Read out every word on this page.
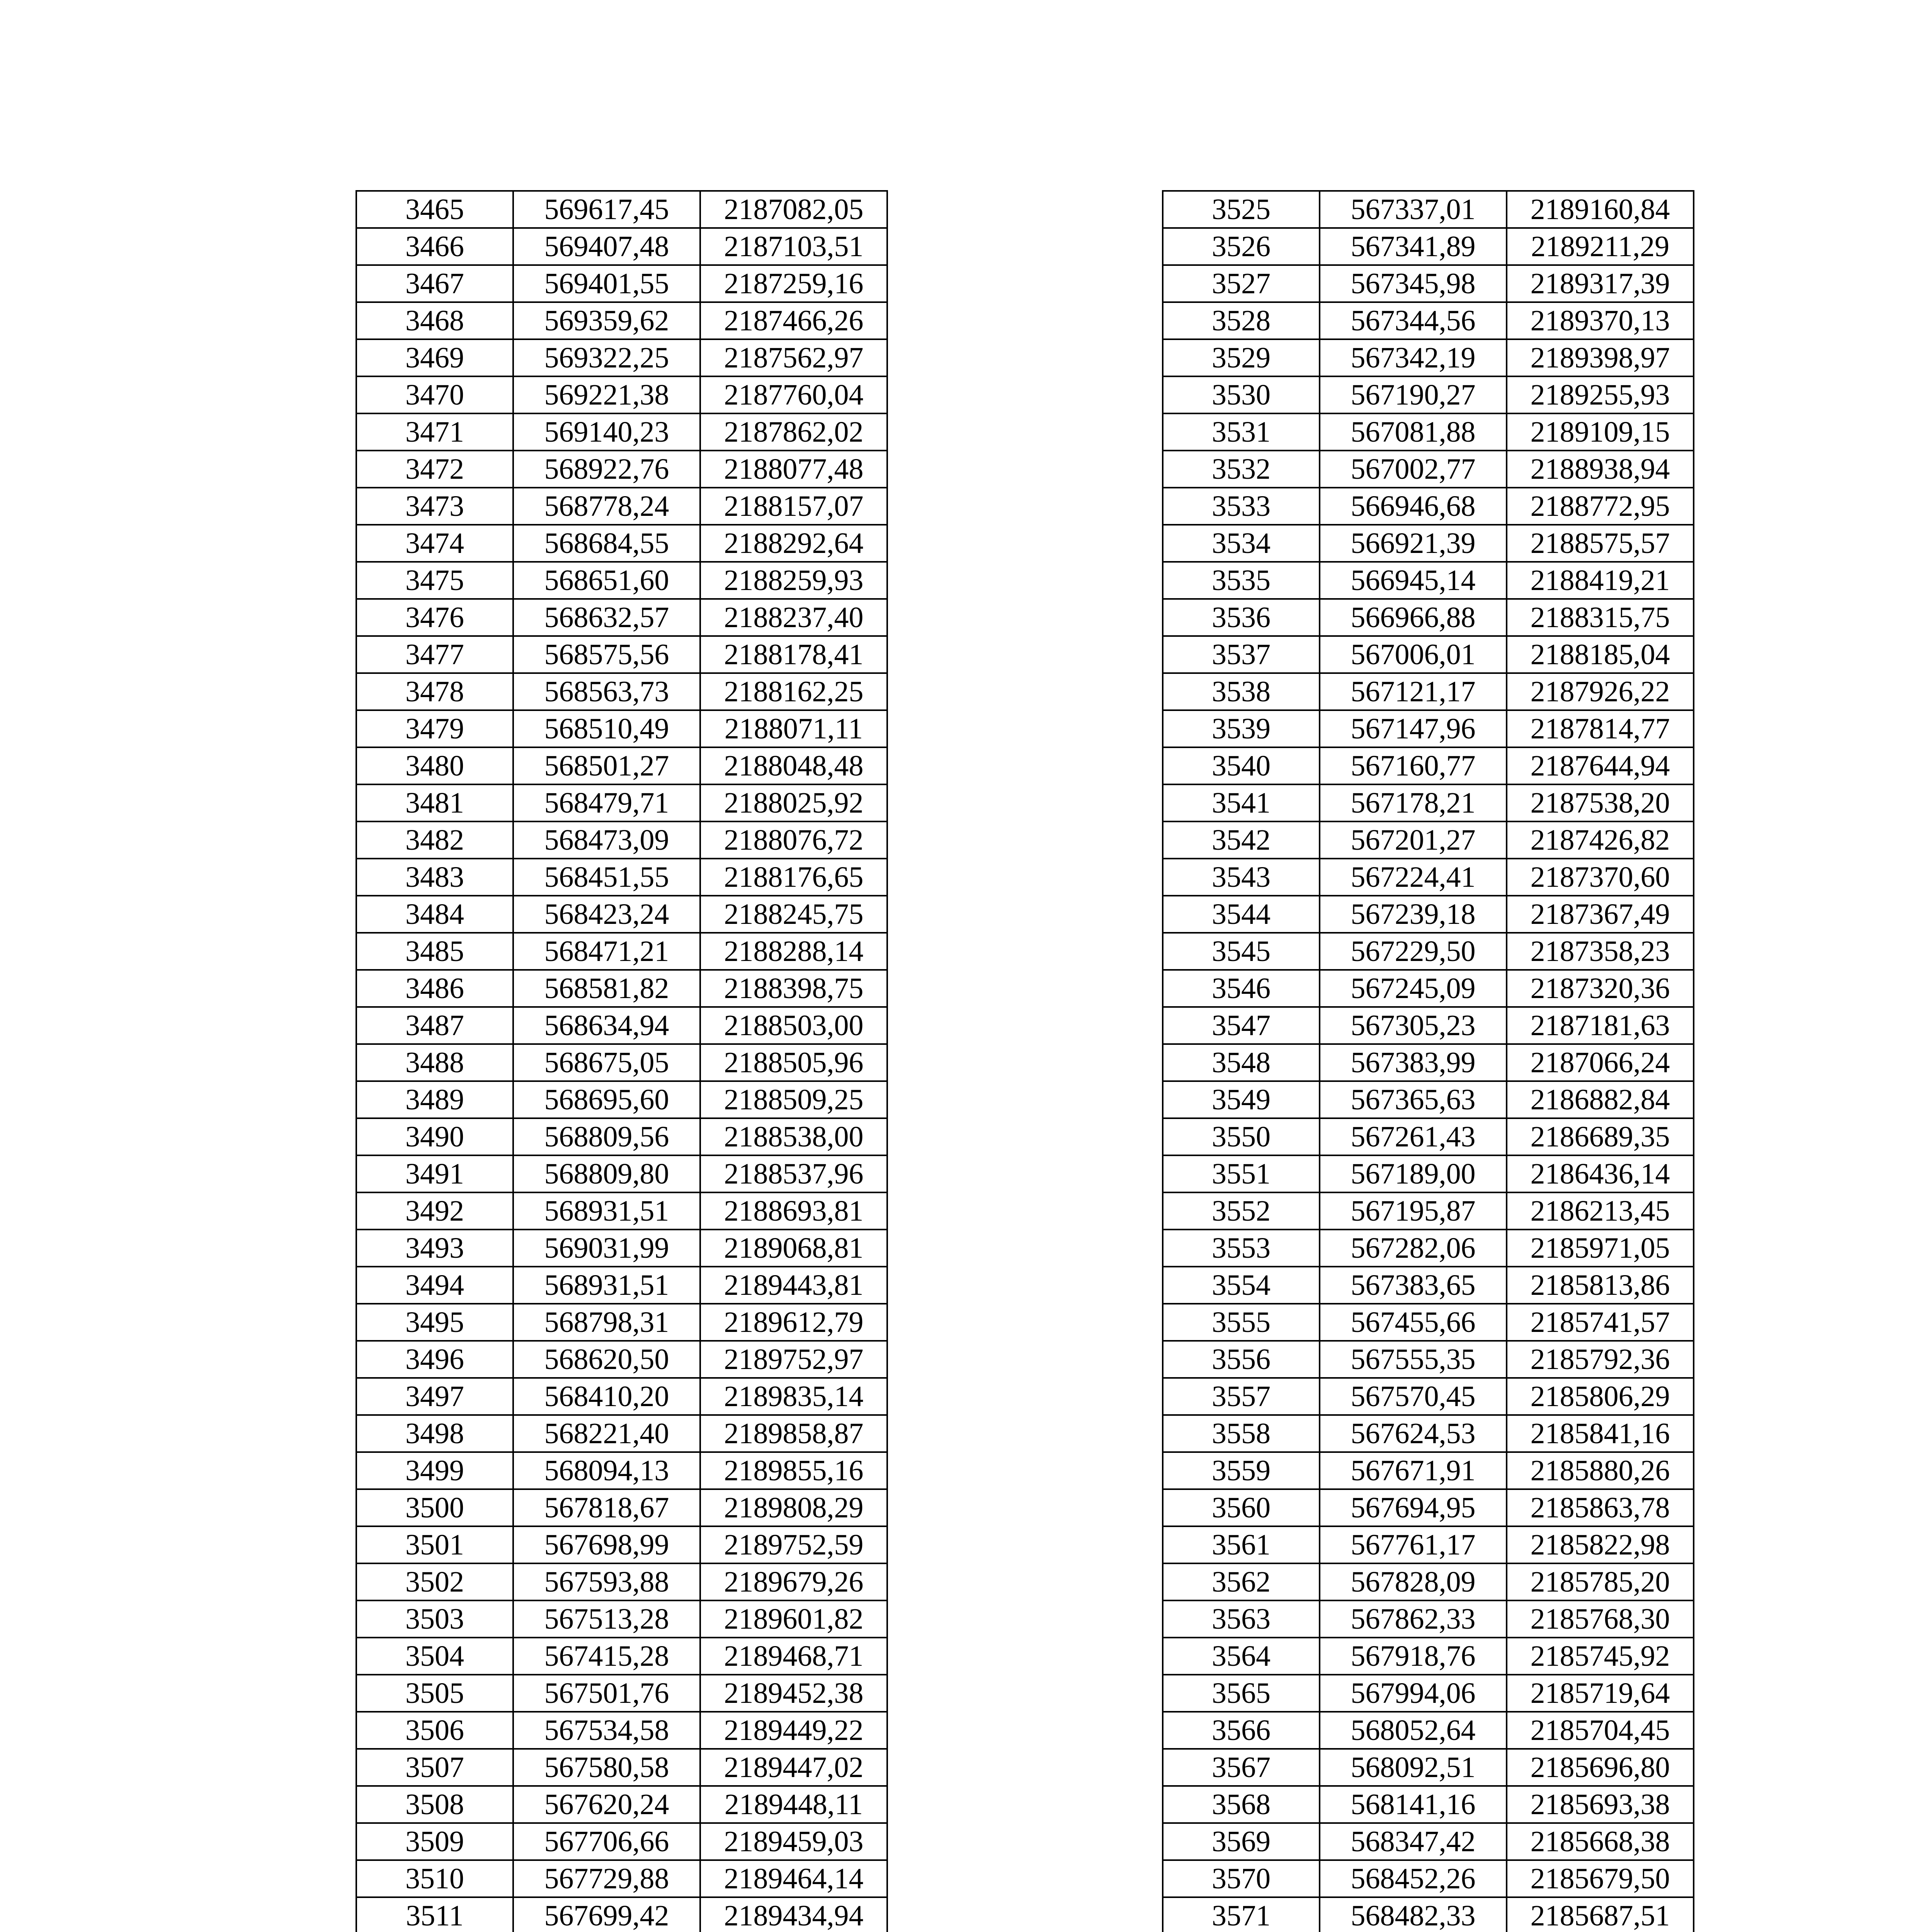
3465	569617,45	2187082,05
3466	569407,48	2187103,51
3467	569401,55	2187259,16
3468	569359,62	2187466,26
3469	569322,25	2187562,97
3470	569221,38	2187760,04
3471	569140,23	2187862,02
3472	568922,76	2188077,48
3473	568778,24	2188157,07
3474	568684,55	2188292,64
3475	568651,60	2188259,93
3476	568632,57	2188237,40
3477	568575,56	2188178,41
3478	568563,73	2188162,25
3479	568510,49	2188071,11
3480	568501,27	2188048,48
3481	568479,71	2188025,92
3482	568473,09	2188076,72
3483	568451,55	2188176,65
3484	568423,24	2188245,75
3485	568471,21	2188288,14
3486	568581,82	2188398,75
3487	568634,94	2188503,00
3488	568675,05	2188505,96
3489	568695,60	2188509,25
3490	568809,56	2188538,00
3491	568809,80	2188537,96
3492	568931,51	2188693,81
3493	569031,99	2189068,81
3494	568931,51	2189443,81
3495	568798,31	2189612,79
3496	568620,50	2189752,97
3497	568410,20	2189835,14
3498	568221,40	2189858,87
3499	568094,13	2189855,16
3500	567818,67	2189808,29
3501	567698,99	2189752,59
3502	567593,88	2189679,26
3503	567513,28	2189601,82
3504	567415,28	2189468,71
3505	567501,76	2189452,38
3506	567534,58	2189449,22
3507	567580,58	2189447,02
3508	567620,24	2189448,11
3509	567706,66	2189459,03
3510	567729,88	2189464,14
3511	567699,42	2189434,94

3525	567337,01	2189160,84
3526	567341,89	2189211,29
3527	567345,98	2189317,39
3528	567344,56	2189370,13
3529	567342,19	2189398,97
3530	567190,27	2189255,93
3531	567081,88	2189109,15
3532	567002,77	2188938,94
3533	566946,68	2188772,95
3534	566921,39	2188575,57
3535	566945,14	2188419,21
3536	566966,88	2188315,75
3537	567006,01	2188185,04
3538	567121,17	2187926,22
3539	567147,96	2187814,77
3540	567160,77	2187644,94
3541	567178,21	2187538,20
3542	567201,27	2187426,82
3543	567224,41	2187370,60
3544	567239,18	2187367,49
3545	567229,50	2187358,23
3546	567245,09	2187320,36
3547	567305,23	2187181,63
3548	567383,99	2187066,24
3549	567365,63	2186882,84
3550	567261,43	2186689,35
3551	567189,00	2186436,14
3552	567195,87	2186213,45
3553	567282,06	2185971,05
3554	567383,65	2185813,86
3555	567455,66	2185741,57
3556	567555,35	2185792,36
3557	567570,45	2185806,29
3558	567624,53	2185841,16
3559	567671,91	2185880,26
3560	567694,95	2185863,78
3561	567761,17	2185822,98
3562	567828,09	2185785,20
3563	567862,33	2185768,30
3564	567918,76	2185745,92
3565	567994,06	2185719,64
3566	568052,64	2185704,45
3567	568092,51	2185696,80
3568	568141,16	2185693,38
3569	568347,42	2185668,38
3570	568452,26	2185679,50
3571	568482,33	2185687,51
